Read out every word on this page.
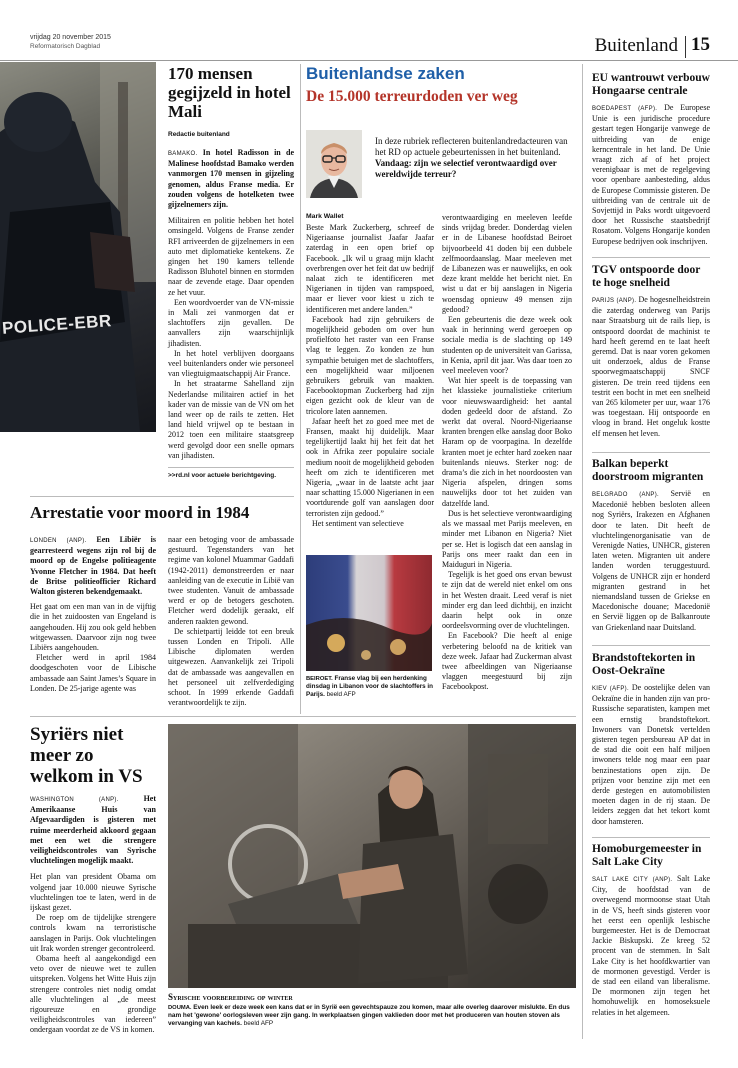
vrijdag 20 november 2015
Reformatorisch Dagblad	Buitenland 15
POLICE-EBR
170 mensen gegijzeld in hotel Mali
Redactie buitenland

BAMAKO. In hotel Radisson in de Malinese hoofdstad Bamako werden vanmorgen 170 mensen in gijzeling genomen, aldus Franse media. Er zouden volgens de hotelketen twee gijzelnemers zijn.

Militairen en politie hebben het hotel omsingeld. Volgens de Franse zender RFI arriveerden de gijzelnemers in een auto met diplomatieke kentekens. Ze gingen het 190 kamers tellende Radisson Bluhotel binnen en stormden naar de zevende etage. Daar openden ze het vuur.

Een woordvoerder van de VN-missie in Mali zei vanmorgen dat er slachtoffers zijn gevallen. De aanvallers zijn waarschijnlijk jihadisten.

In het hotel verblijven doorgaans veel buitenlanders onder wie personeel van vliegtuigmaatschappij Air France.

In het straatarme Sahelland zijn Nederlandse militairen actief in het kader van de missie van de VN om het land weer op de rails te zetten. Het land hield vrijwel op te bestaan in 2012 toen een militaire staatsgreep werd gevolgd door een snelle opmars van jihadisten.

>>rd.nl voor actuele berichtgeving.
Buitenlandse zaken
De 15.000 terreurdoden ver weg
In deze rubriek reflecteren buitenlandredacteuren van het RD op actuele gebeurtenissen in het buitenland. Vandaag: zijn we selectief verontwaardigd over wereldwijde terreur?
Mark Wallet

Beste Mark Zuckerberg, schreef de Nigeriaanse journalist Jaafar Jaafar zaterdag in een open brief op Facebook. „Ik wil u graag mijn klacht overbrengen over het feit dat uw bedrijf nalaat zich te identificeren met Nigerianen in tijden van rampspoed, maar er liever voor kiest u zich te identificeren met andere landen.”

Facebook had zijn gebruikers de mogelijkheid geboden om over hun profielfoto het raster van een Franse vlag te leggen. Zo konden ze hun sympathie betuigen met de slachtoffers, een mogelijkheid waar miljoenen gebruikers gebruik van maakten. Facebooktopman Zuckerberg had zijn eigen gezicht ook de kleur van de tricolore laten aannemen.

Jafaar heeft het zo goed mee met de Fransen, maakt hij duidelijk. Maar tegelijkertijd laakt hij het feit dat het ook in Afrika zeer populaire sociale medium nooit de mogelijkheid geboden heeft om zich te identificeren met Nigeria, „waar in de laatste acht jaar naar schatting 15.000 Nigerianen in een voortdurende golf van aanslagen door terroristen zijn gedood.”

Het sentiment van selectieve

BEIROET. Franse vlag bij een herdenking dinsdag in Libanon voor de slachtoffers in Parijs. beeld AFP

verontwaardiging en meeleven leefde sinds vrijdag breder. Donderdag vielen er in de Libanese hoofdstad Beiroet bijvoorbeeld 41 doden bij een dubbele zelfmoordaanslag. Maar meeleven met de Libanezen was er nauwelijks, en ook deze krant meldde het bericht niet. En wist u dat er bij aanslagen in Nigeria woensdag opnieuw 49 mensen zijn gedood?

Een gebeurtenis die deze week ook vaak in herinning werd geroepen op sociale media is de slachting op 149 studenten op de universiteit van Garissa, in Kenia, april dit jaar. Was daar toen zo veel meeleven voor?

Wat hier speelt is de toepassing van het klassieke journalistieke criterium voor nieuwswaardigheid: het aantal doden gedeeld door de afstand. Zo werkt dat overal. Noord-Nigeriaanse kranten brengen elke aanslag door Boko Haram op de voorpagina. In dezelfde kranten moet je echter hard zoeken naar buitenlands nieuws. Sterker nog: de drama’s die zich in het noordoosten van Nigeria afspelen, dringen soms nauwelijks door tot het zuiden van datzelfde land.

Dus is het selectieve verontwaardiging als we massaal met Parijs meeleven, en minder met Libanon en Nigeria? Niet per se. Het is logisch dat een aanslag in Parijs ons meer raakt dan een in Maiduguri in Nigeria.

Tegelijk is het goed ons ervan bewust te zijn dat de wereld niet enkel om ons in het Westen draait. Leed veraf is niet minder erg dan leed dichtbij, en inzicht daarin helpt ook in onze oordeelsvorming over de vluchtelingen.

En Facebook? Die heeft al enige verbetering beloofd na de kritiek van deze week. Jafaar had Zuckerman alvast twee afbeeldingen van Nigeriaanse vlaggen meegestuurd bij zijn Facebookpost.

Arrestatie voor moord in 1984

LONDEN (ANP). Een Libiër is gearresteerd wegens zijn rol bij de moord op de Engelse politieagente Yvonne Fletcher in 1984. Dat heeft de Britse politieofficier Richard Walton gisteren bekendgemaakt.

Het gaat om een man van in de vijftig die in het zuidoosten van Engeland is aangehouden. Hij zou ook geld hebben witgewassen. Daarvoor zijn nog twee Libiërs aangehouden.

Fletcher werd in april 1984 doodgeschoten voor de Libische ambassade aan Saint James’s Square in Londen. De 25-jarige agente was

naar een betoging voor de ambassade gestuurd. Tegenstanders van het regime van kolonel Muammar Gaddafi (1942-2011) demonstreerden er naar aanleiding van de executie in Libië van twee studenten. Vanuit de ambassade werd er op de betogers geschoten. Fletcher werd dodelijk geraakt, elf anderen raakten gewond.

De schietpartij leidde tot een breuk tussen Londen en Tripoli. Alle Libische diplomaten werden uitgewezen. Aanvankelijk zei Tripoli dat de ambassade was aangevallen en het personeel uit zelfverdediging schoot. In 1999 erkende Gaddafi verantwoordelijk te zijn.

Syriërs niet meer zo welkom in VS

WASHINGTON (ANP).	Het Amerikaanse Huis van Afgevaardigden is gisteren met ruime meerderheid akkoord gegaan met een wet die strengere veiligheidscontroles van Syrische vluchtelingen mogelijk maakt.

Het plan van president Obama om volgend jaar 10.000 nieuwe Syrische vluchtelingen toe te laten, werd in de ijskast gezet.

De roep om de tijdelijke strengere controls kwam na terroristische aanslagen in Parijs. Ook vluchtelingen uit Irak worden strenger gecontroleerd.

Obama heeft al aangekondigd een veto over de nieuwe wet te zullen uitspreken. Volgens het Witte Huis zijn strengere controles niet nodig omdat alle vluchtelingen al „de meest rigoureuze en grondige veiligheidscontroles van iedereen” ondergaan voordat ze de VS in komen.

Syrische voorbereiding op winter
DOUMA. Even leek er deze week een kans dat er in Syrië een gevechtspauze zou komen, maar alle overleg daarover mislukte. En dus nam het 'gewone' oorlogsleven weer zijn gang. In werkplaatsen gingen vaklieden door met het produceren van houten stoven als vervanging van kachels. beeld AFP
EU wantrouwt verbouw Hongaarse centrale
BOEDAPEST (AFP). De Europese Unie is een juridische procedure gestart tegen Hongarije vanwege de uitbreiding van de enige kerncentrale in het land. De Unie vraagt zich af of het project verenigbaar is met de regelgeving voor openbare aanbesteding, aldus de Europese Commissie gisteren. De uitbreiding van de centrale uit de Sovjettijd in Paks wordt uitgevoerd door het Russische staatsbedrijf Rosatom. Volgens Hongarije konden Europese bedrijven ook inschrijven.
TGV ontspoorde door te hoge snelheid
PARIJS (ANP). De hogesnelheidstrein die zaterdag onderweg van Parijs naar Straatsburg uit de rails liep, is ontspoord doordat de machinist te hard heeft geremd en te laat heeft geremd. Dat is naar voren gekomen uit onderzoek, aldus de Franse spoorwegmaatschappij SNCF gisteren. De trein reed tijdens een testrit een bocht in met een snelheid van 265 kilometer per uur, waar 176 was toegestaan. Hij ontspoorde en vloog in brand. Het ongeluk kostte elf mensen het leven.
Balkan beperkt doorstroom migranten
BELGRADO (ANP). Servië en Macedonië hebben besloten alleen nog Syriërs, Irakezen en Afghanen door te laten. Dit heeft de vluchtelingenorganisatie van de Verenigde Naties, UNHCR, gisteren laten weten. Migranten uit andere landen worden teruggestuurd. Volgens de UNHCR zijn er honderd migranten gestrand in het niemandsland tussen de Griekse en Macedonische douane; Macedonië en Servië liggen op de Balkanroute van Griekenland naar Duitsland.
Brandstoftekorten in Oost-Oekraïne
KIEV (AFP). De oostelijke delen van Oekraïne die in handen zijn van pro-Russische separatisten, kampen met een ernstig brandstoftekort. Inwoners van Donetsk vertelden gisteren tegen persbureau AP dat in de stad die ooit een half miljoen inwoners telde nog maar een paar benzinestations open zijn. De prijzen voor benzine zijn met een derde gestegen en automobilisten moeten dagen in de rij staan. De leiders zeggen dat het tekort komt door hamsteren.
Homoburgemeester in Salt Lake City
SALT LAKE CITY (ANP). Salt Lake City, de hoofdstad van de overwegend mormoonse staat Utah in de VS, heeft sinds gisteren voor het eerst een openlijk lesbische burgemeester. Het is de Democraat Jackie Biskupski. Ze kreeg 52 procent van de stemmen. In Salt Lake City is het hoofdkwartier van de mormonen gevestigd. Verder is de stad een eiland van liberalisme. De mormonen zijn tegen het homohuwelijk en homoseksuele relaties in het algemeen.
